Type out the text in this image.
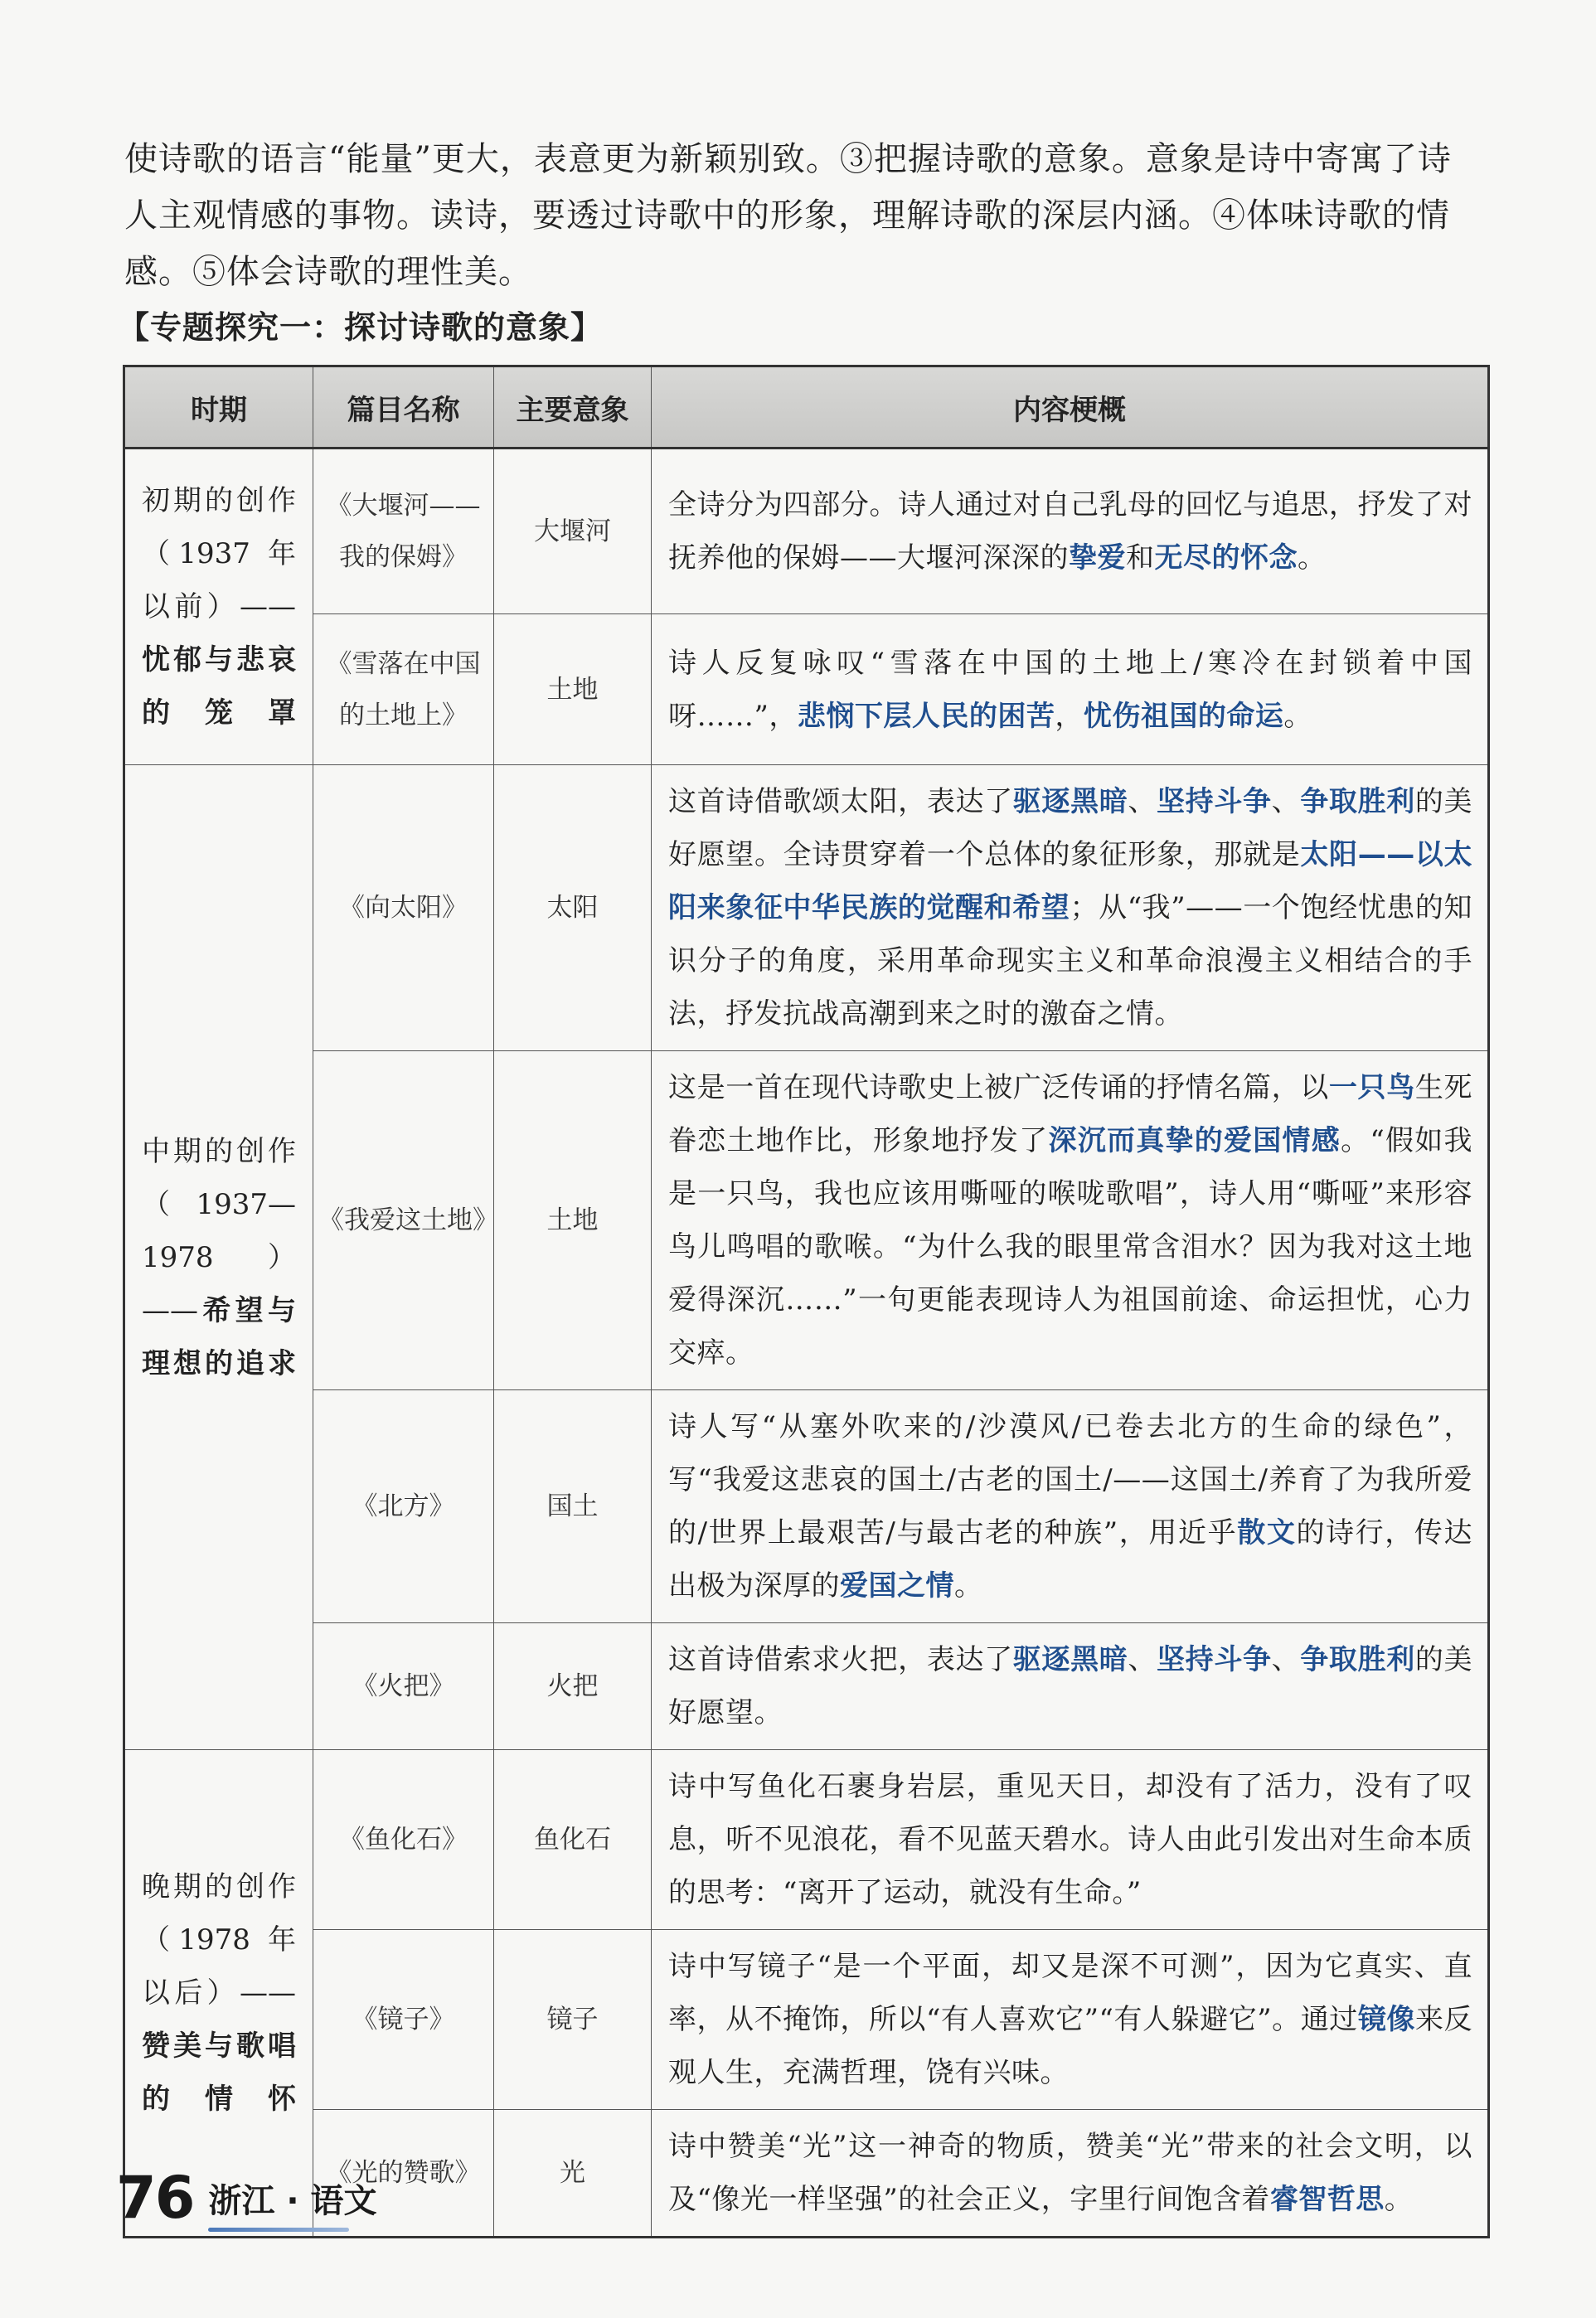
使诗歌的语言“能量”更大，表意更为新颖别致。③把握诗歌的意象。意象是诗中寄寓了诗人主观情感的事物。读诗，要透过诗歌中的形象，理解诗歌的深层内涵。④体味诗歌的情感。⑤体会诗歌的理性美。

【专题探究一：探讨诗歌的意象】
时期	篇目名称	主要意象	内容梗概
初期的创作（1937 年以前）——忧郁与悲哀的笼罩	《大堰河——我的保姆》	大堰河	全诗分为四部分。诗人通过对自己乳母的回忆与追思，抒发了对抚养他的保姆——大堰河深深的挚爱和无尽的怀念。
	《雪落在中国的土地上》	土地	诗人反复咏叹“雪落在中国的土地上/寒冷在封锁着中国呀……”，悲悯下层人民的困苦，忧伤祖国的命运。
中期的创作（1937—1978）——希望与理想的追求	《向太阳》	太阳	这首诗借歌颂太阳，表达了驱逐黑暗、坚持斗争、争取胜利的美好愿望。全诗贯穿着一个总体的象征形象，那就是太阳——以太阳来象征中华民族的觉醒和希望；从“我”——一个饱经忧患的知识分子的角度，采用革命现实主义和革命浪漫主义相结合的手法，抒发抗战高潮到来之时的激奋之情。
	《我爱这土地》	土地	这是一首在现代诗歌史上被广泛传诵的抒情名篇，以一只鸟生死眷恋土地作比，形象地抒发了深沉而真挚的爱国情感。“假如我是一只鸟，我也应该用嘶哑的喉咙歌唱”，诗人用“嘶哑”来形容鸟儿鸣唱的歌喉。“为什么我的眼里常含泪水？因为我对这土地爱得深沉……”一句更能表现诗人为祖国前途、命运担忧，心力交瘁。
	《北方》	国土	诗人写“从塞外吹来的/沙漠风/已卷去北方的生命的绿色”，写“我爱这悲哀的国土/古老的国土/——这国土/养育了为我所爱的/世界上最艰苦/与最古老的种族”，用近乎散文的诗行，传达出极为深厚的爱国之情。
	《火把》	火把	这首诗借索求火把，表达了驱逐黑暗、坚持斗争、争取胜利的美好愿望。
晚期的创作（1978 年以后）——赞美与歌唱的情怀	《鱼化石》	鱼化石	诗中写鱼化石裹身岩层，重见天日，却没有了活力，没有了叹息，听不见浪花，看不见蓝天碧水。诗人由此引发出对生命本质的思考：“离开了运动，就没有生命。”
	《镜子》	镜子	诗中写镜子“是一个平面，却又是深不可测”，因为它真实、直率，从不掩饰，所以“有人喜欢它”“有人躲避它”。通过镜像来反观人生，充满哲理，饶有兴味。
	《光的赞歌》	光	诗中赞美“光”这一神奇的物质，赞美“光”带来的社会文明，以及“像光一样坚强”的社会正义，字里行间饱含着睿智哲思。
76 浙江 · 语文
